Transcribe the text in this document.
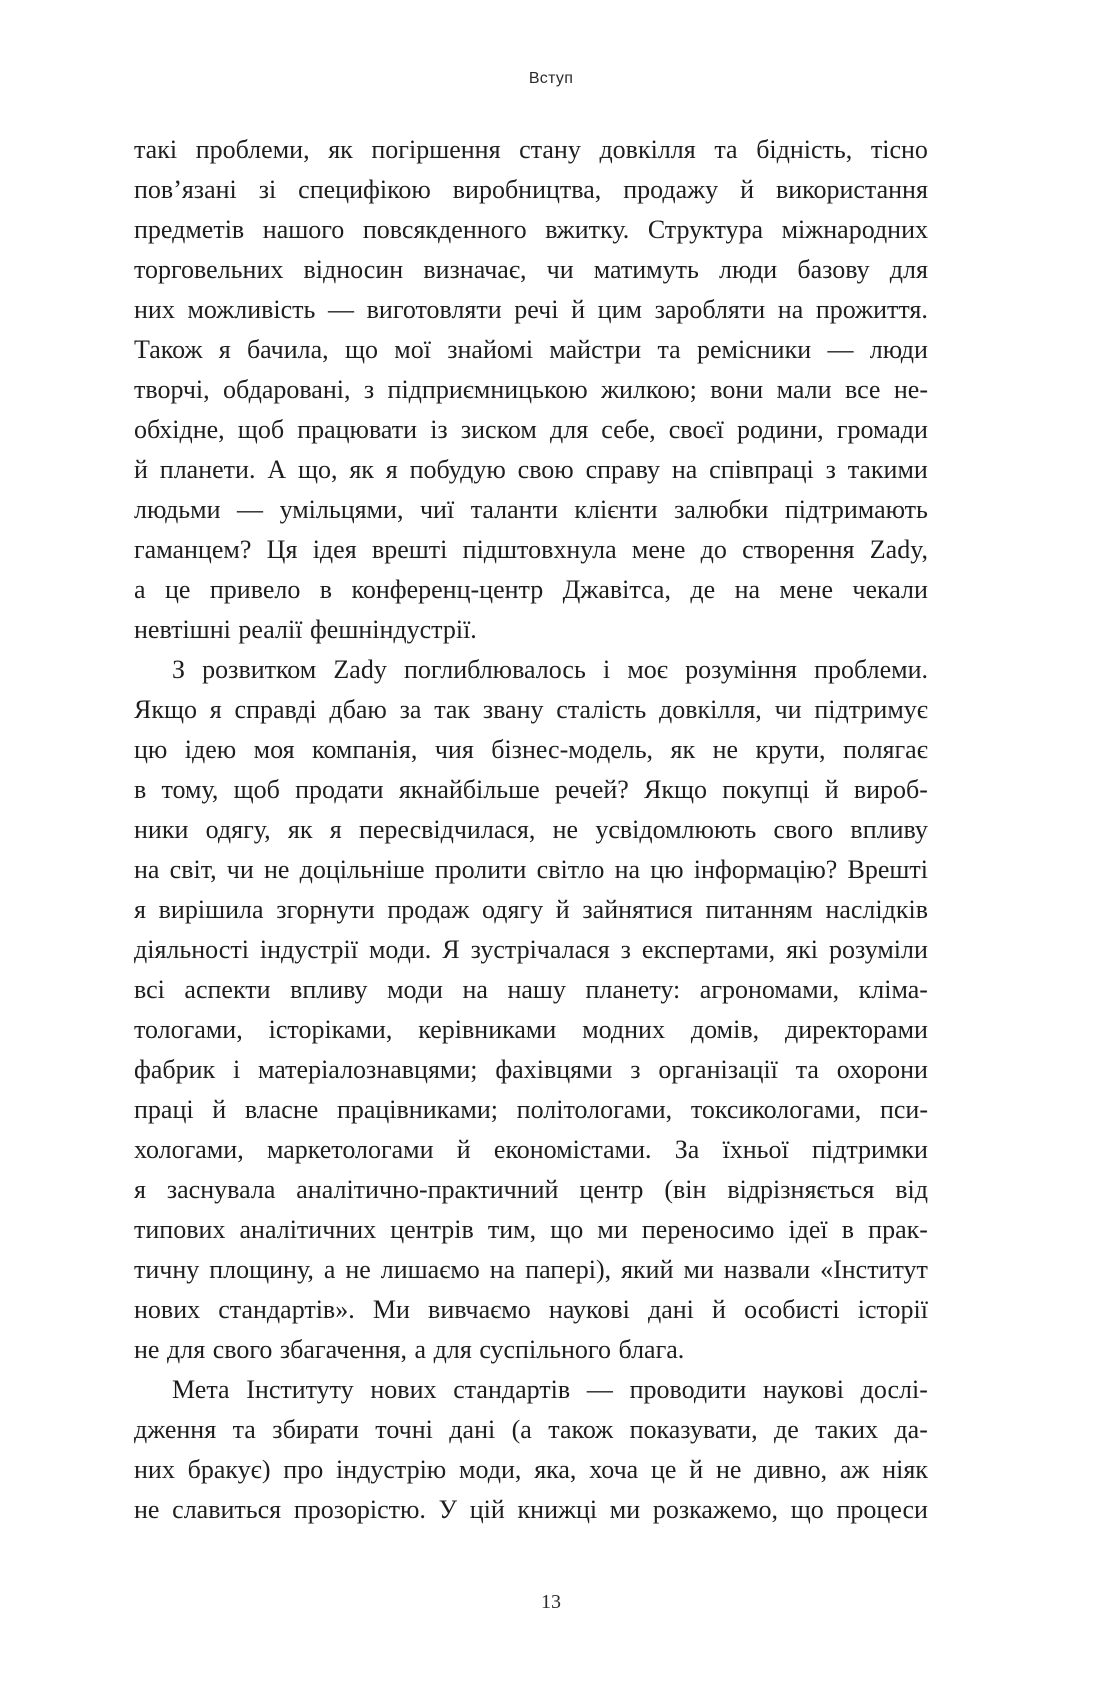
Вступ
такі проблеми, як погіршення стану довкілля та бідність, тісно
пов’язані зі специфікою виробництва, продажу й використання
предметів нашого повсякденного вжитку. Структура міжнародних
торговельних відносин визначає, чи матимуть люди базову для
них можливість — виготовляти речі й цим заробляти на прожиття.
Також я бачила, що мої знайомі майстри та ремісники — люди
творчі, обдаровані, з підприємницькою жилкою; вони мали все не-
обхідне, щоб працювати із зиском для себе, своєї родини, громади
й планети. А що, як я побудую свою справу на співпраці з такими
людьми — умільцями, чиї таланти клієнти залюбки підтримають
гаманцем? Ця ідея врешті підштовхнула мене до створення Zady,
а це привело в конференц-центр Джавітса, де на мене чекали
невтішні реалії фешніндустрії.
З розвитком Zady поглиблювалось і моє розуміння проблеми.
Якщо я справді дбаю за так звану сталість довкілля, чи підтримує
цю ідею моя компанія, чия бізнес-модель, як не крути, полягає
в тому, щоб продати якнайбільше речей? Якщо покупці й вироб-
ники одягу, як я пересвідчилася, не усвідомлюють свого впливу
на світ, чи не доцільніше пролити світло на цю інформацію? Врешті
я вирішила згорнути продаж одягу й зайнятися питанням наслідків
діяльності індустрії моди. Я зустрічалася з експертами, які розуміли
всі аспекти впливу моди на нашу планету: агрономами, кліма-
тологами, історіками, керівниками модних домів, директорами
фабрик і матеріалознавцями; фахівцями з організації та охорони
праці й власне працівниками; політологами, токсикологами, пси-
хологами, маркетологами й економістами. За їхньої підтримки
я заснувала аналітично-практичний центр (він відрізняється від
типових аналітичних центрів тим, що ми переносимо ідеї в прак-
тичну площину, а не лишаємо на папері), який ми назвали «Інститут
нових стандартів». Ми вивчаємо наукові дані й особисті історії
не для свого збагачення, а для суспільного блага.
Мета Інституту нових стандартів — проводити наукові дослі-
дження та збирати точні дані (а також показувати, де таких да-
них бракує) про індустрію моди, яка, хоча це й не дивно, аж ніяк
не славиться прозорістю. У цій книжці ми розкажемо, що процеси
13
